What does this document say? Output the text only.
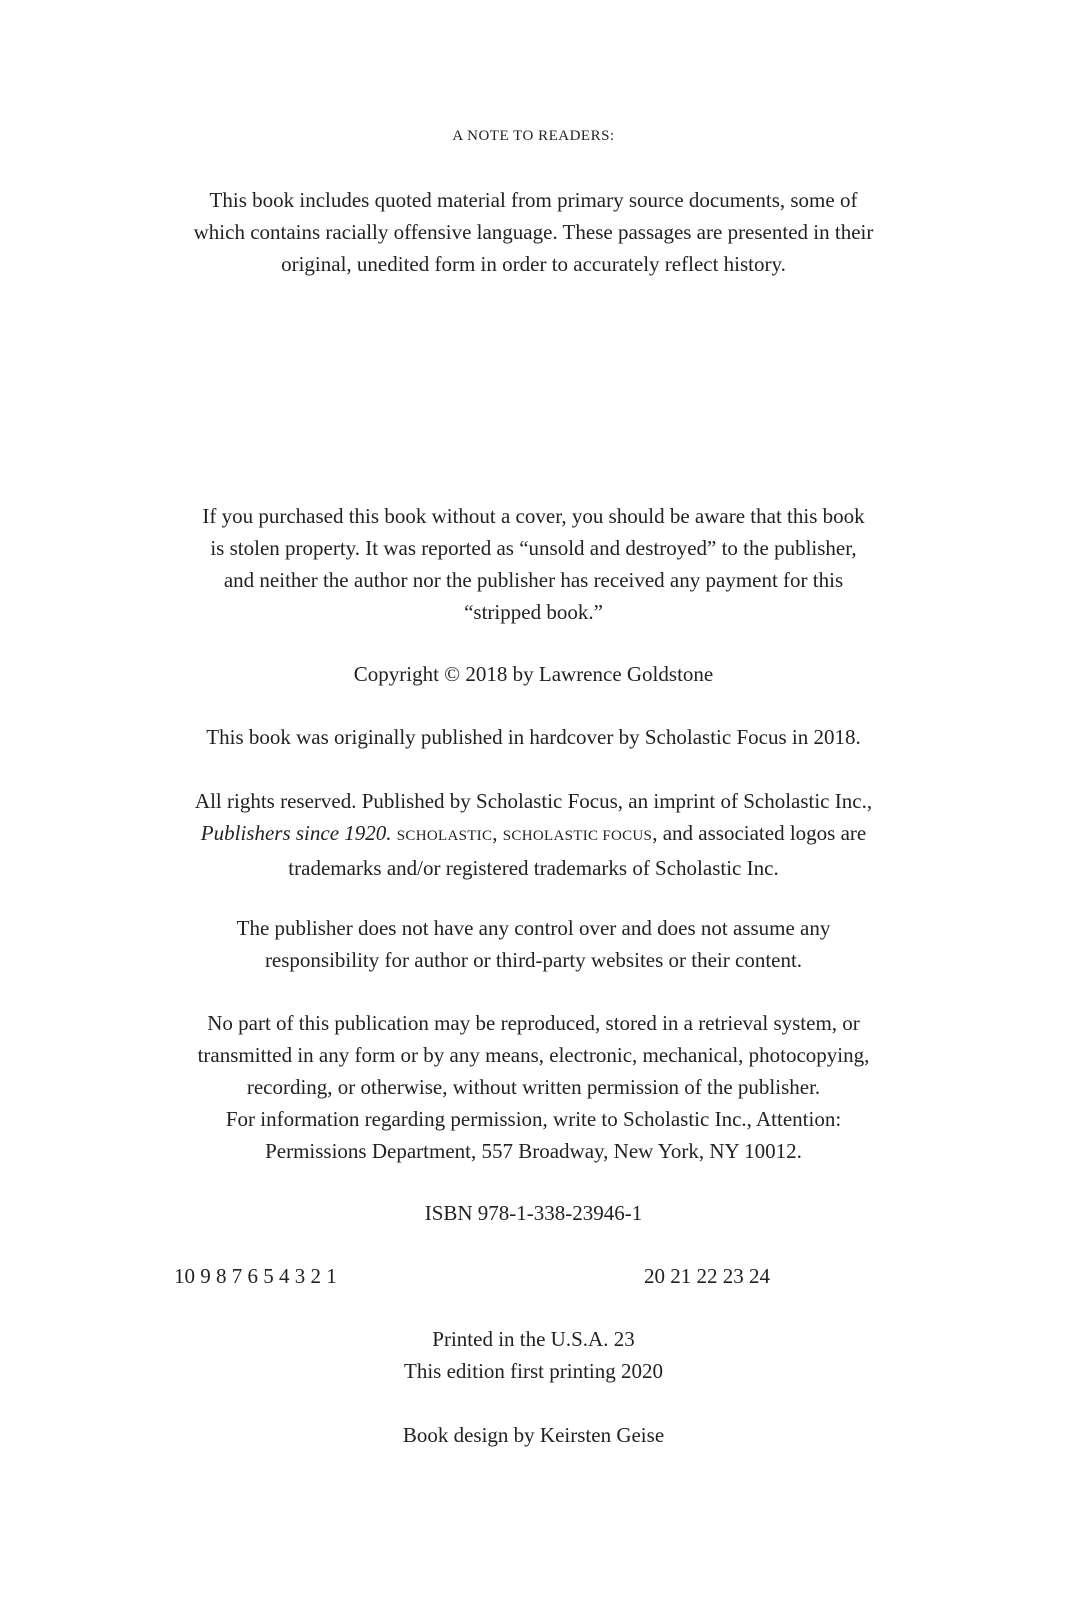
A NOTE TO READERS:
This book includes quoted material from primary source documents, some of
which contains racially offensive language. These passages are presented in their
original, unedited form in order to accurately reflect history.
If you purchased this book without a cover, you should be aware that this book
is stolen property. It was reported as “unsold and destroyed” to the publisher,
and neither the author nor the publisher has received any payment for this
“stripped book.”
Copyright © 2018 by Lawrence Goldstone
This book was originally published in hardcover by Scholastic Focus in 2018.
All rights reserved. Published by Scholastic Focus, an imprint of Scholastic Inc.,
Publishers since 1920. SCHOLASTIC, SCHOLASTIC FOCUS, and associated logos are
trademarks and/or registered trademarks of Scholastic Inc.
The publisher does not have any control over and does not assume any
responsibility for author or third-party websites or their content.
No part of this publication may be reproduced, stored in a retrieval system, or
transmitted in any form or by any means, electronic, mechanical, photocopying,
recording, or otherwise, without written permission of the publisher.
For information regarding permission, write to Scholastic Inc., Attention:
Permissions Department, 557 Broadway, New York, NY 10012.
ISBN 978-1-338-23946-1
10 9 8 7 6 5 4 3 2 1	20 21 22 23 24
Printed in the U.S.A. 23
This edition first printing 2020
Book design by Keirsten Geise
